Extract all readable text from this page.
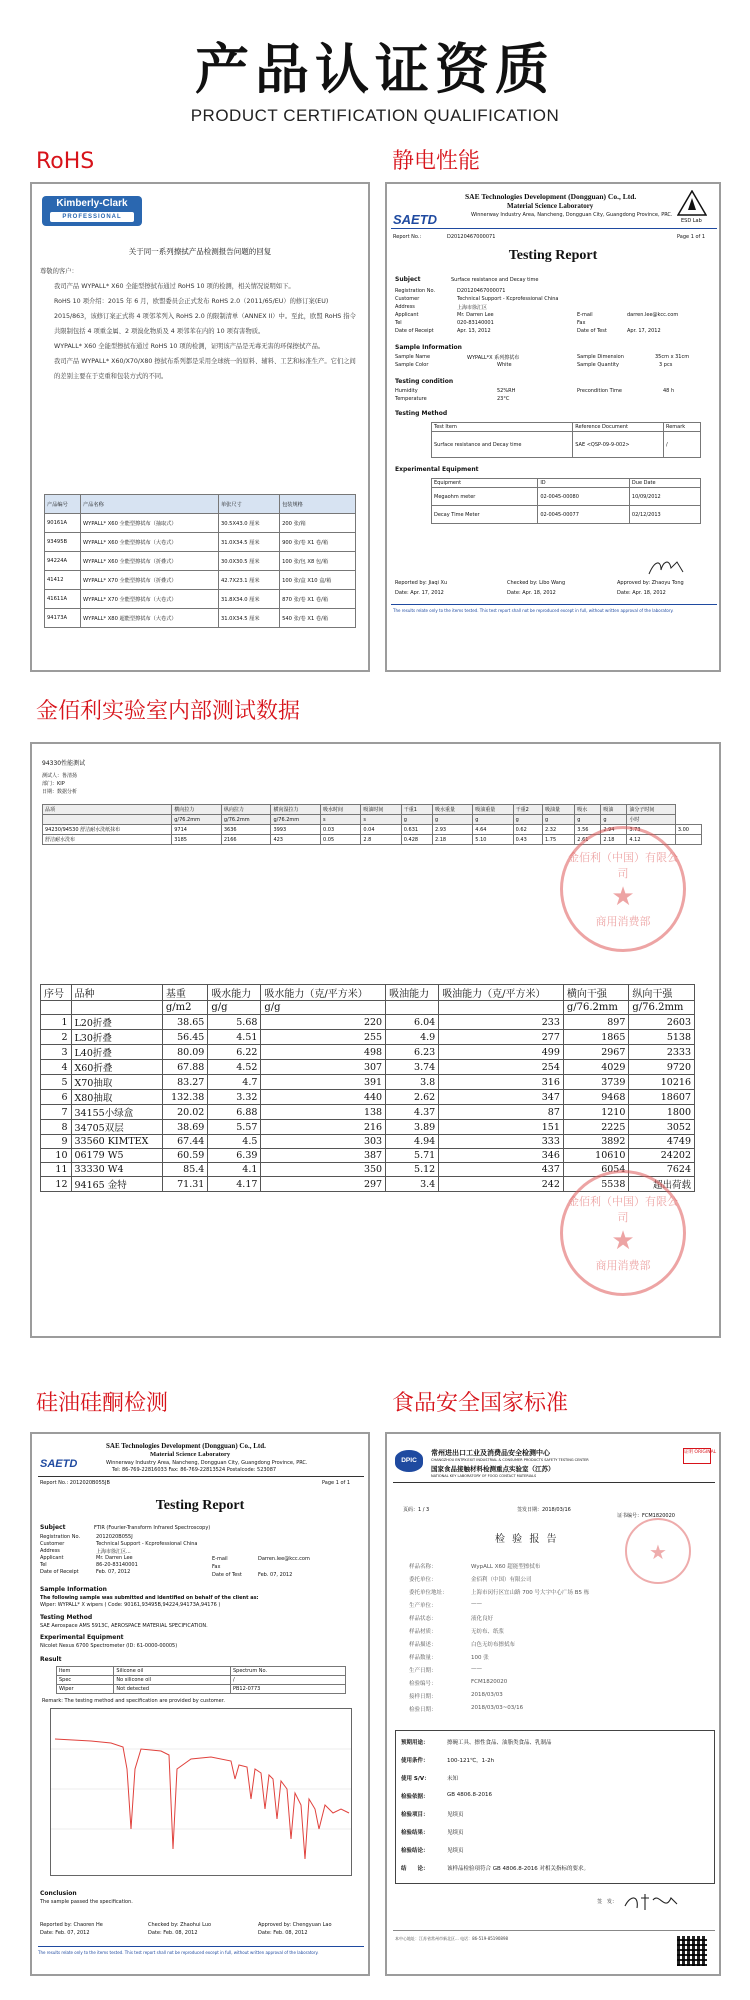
产品认证资质
PRODUCT CERTIFICATION QUALIFICATION
RoHS	静电性能
金佰利实验室内部测试数据
硅油硅酮检测	食品安全国家标准
Kimberly-Clark
PROFESSIONAL
关于同一系列擦拭产品检测报告问题的回复

尊敬的客户：

我司产品 WYPALL* X60 全能型擦拭布通过 RoHS 10 项的检测，相关情况说明如下。

RoHS 10 项介绍：2015 年 6 月，欧盟委员会正式发布 RoHS 2.0（2011/65/EU）的修订案(EU) 2015/863，该修订案正式将 4 项邻苯列入 RoHS 2.0 的限制清单（ANNEX II）中。至此，欧盟 RoHS 指令共限制包括 4 项重金属、2 项溴化物质及 4 项邻苯在内的 10 项有害物质。

WYPALL* X60 全能型擦拭布通过 RoHS 10 项的检测，证明该产品是无毒无害的环保擦拭产品。

我司产品 WYPALL* X60/X70/X80 擦拭布系列都是采用全球统一的原料、辅料、工艺和标准生产。它们之间的差别主要在于克重和包装方式的不同。

产品编号	产品名称	单张尺寸	包装规格
90161A	WYPALL* X60 全能型擦拭布（抽取式）	30.5X43.0 厘米	200 张/箱
93495B	WYPALL* X60 全能型擦拭布（大卷式）	31.0X34.5 厘米	900 张/卷 X1 卷/箱
94224A	WYPALL* X60 全能型擦拭布（折叠式）	30.0X30.5 厘米	100 张/包 X8 包/箱
41412	WYPALL* X70 全能型擦拭布（折叠式）	42.7X23.1 厘米	100 张/盒 X10 盒/箱
41611A	WYPALL* X70 全能型擦拭布（大卷式）	31.8X34.0 厘米	870 张/卷 X1 卷/箱
94173A	WYPALL* X80 超能型擦拭布（大卷式）	31.0X34.5 厘米	540 张/卷 X1 卷/箱
SAETD
SAE Technologies Development (Dongguan) Co., Ltd.
Material Science Laboratory
Winnerway Industry Area, Nancheng, Dongguan City, Guangdong Province, PRC.
ESD Lab
Report No.:	D20120467000071	Page 1 of 1
Testing Report
Subject	Surface resistance and Decay time
Registration No.	D20120467000071
Customer	Technical Support - Kcprofessional China
Address	上海市徐汇区
Applicant	Mr. Darren Lee
Tel	020-83140001
Date of Receipt	Apr. 13, 2012
E-mail	darren.lee@kcc.com
Fax
Date of Test	Apr. 17, 2012
Sample Information
Sample Name	WYPALL*X 系列擦拭布	Sample Dimension	35cm x 31cm
Sample Color	White	Sample Quantity	3 pcs
Testing condition
Humidity	52%RH	Precondition Time	48 h
Temperature	23°C
Testing Method
Test Item	Reference Document	Remark
Surface resistance and Decay time	SAE <QSP-09-9-002>	/
Experimental Equipment
Equipment	ID	Due Date
Megaohm meter	02-0045-00080	10/09/2012
Decay Time Meter	02-0045-00077	02/12/2013
Reported by: Jiaqi Xu	Checked by: Libo Wang	Approved by: Zhaoyu Tong
Date: Apr. 17, 2012	Date: Apr. 18, 2012	Date: Apr. 18, 2012
The results relate only to the items tested. This test report shall not be reproduced except in full, without written approval of the laboratory.
94330性能测试
测试人：鲁清扬
部门：KIP
日期：数据分析
品项	横向拉力	纵向拉力	横向湿拉力	吸水时间	吸油时间	干重1	吸水重量	吸油重量	干重2	吸油量	吸水	吸油	油分子时间	
	g/76.2mm	g/76.2mm	g/76.2mm	s	s	g	g	g	g	g	g	g	小时	
94230/94530 舒洁耐水洗纸抹布	9714	3636	3993	0.03	0.04	0.631	2.93	4.64	0.62	2.32	3.56	2.94	3.73	3.00
舒洁耐水洗布	3185	2166	423	0.05	2.8	0.428	2.18	5.10	0.43	1.75	2.61	2.18	4.12	
金佰利（中国）有限公司
★
商用消费部
序号	品种	基重	吸水能力	吸水能力（克/平方米）	吸油能力	吸油能力（克/平方米）	横向干强	纵向干强
		g/m2	g/g	g/g			g/76.2mm	g/76.2mm
1	L20折叠	38.65	5.68	220	6.04	233	897	2603
2	L30折叠	56.45	4.51	255	4.9	277	1865	5138
3	L40折叠	80.09	6.22	498	6.23	499	2967	2333
4	X60折叠	67.88	4.52	307	3.74	254	4029	9720
5	X70抽取	83.27	4.7	391	3.8	316	3739	10216
6	X80抽取	132.38	3.32	440	2.62	347	9468	18607
7	34155小绿盒	20.02	6.88	138	4.37	87	1210	1800
8	34705双层	38.69	5.57	216	3.89	151	2225	3052
9	33560 KIMTEX	67.44	4.5	303	4.94	333	3892	4749
10	06179 W5	60.59	6.39	387	5.71	346	10610	24202
11	33330 W4	85.4	4.1	350	5.12	437	6054	7624
12	94165 金特	71.31	4.17	297	3.4	242	5538	超出荷载
金佰利（中国）有限公司
★
商用消费部
SAETD
SAE Technologies Development (Dongguan) Co., Ltd.
Material Science Laboratory
Winnerway Industry Area, Nancheng, Dongguan City, Guangdong Province, PRC.
Tel: 86-769-22816033 Fax: 86-769-22813524 Postalcode: 523087
Report No.: 2012020B055JB	Page 1 of 1
Testing Report
Subject	FTIR (Fourier-Transform Infrared Spectroscopy)
Registration No.	2012020B055J
Customer	Technical Support - Kcprofessional China
Address	上海市徐汇区...
Applicant	Mr. Darren Lee
Tel	86-20-83140001
Date of Receipt	Feb. 07, 2012
E-mail	Darren.lee@kcc.com
Fax
Date of Test	Feb. 07, 2012
Sample Information
The following sample was submitted and identified on behalf of the client as:
Wiper: WYPALL* X wipers ( Code: 90161,93495B,94224,94173A,94176 )
Testing Method
SAE Aerospace AMS 5913C, AEROSPACE MATERIAL SPECIFICATION.
Experimental Equipment
Nicolet Nexus 6700 Spectrometer (ID: 61-0000-00005)
Result
Item	Silicone oil	Spectrum No.
Spec	No silicone oil	/
Wiper	Not detected	PB12-0773
Remark: The testing method and specification are provided by customer.
Conclusion
The sample passed the specification.
Reported by: Chaoren He	Checked by: Zhaohui Luo	Approved by: Chengyuan Lao
Date: Feb. 07, 2012	Date: Feb. 08, 2012	Date: Feb. 08, 2012
The results relate only to the items tested. This test report shall not be reproduced except in full, without written approval of the laboratory.
DPIC
常州进出口工业及消费品安全检测中心
CHANGZHOU ENTRY-EXIT INDUSTRIAL & CONSUMER PRODUCTS SAFETY TESTING CENTER
国家食品接触材料检测重点实验室（江苏）
NATIONAL KEY LABORATORY OF FOOD CONTACT MATERIALS
证明 ORIGINAL
页码：1 / 3	签发日期：2018/03/16
证书编号：FCM1820020
检 验 报 告
★
样品名称：	WypALL X60 超能型擦拭布
委托单位：	金佰利（中国）有限公司
委托单位地址：	上海市闵行区宜山路 700 号大宇中心广场 B5 栋
生产单位：	——
样品状态：	液化良好
样品材质：	无纺布、纸浆
样品描述：	白色无纺布擦拭布
样品数量：	100 张
生产日期：	——
检验编号：	FCM1820020
接样日期：	2018/03/03
检验日期：	2018/03/03~03/16
预期用途：	擦碗工具、擦性食品、油脂类食品、乳制品
使用条件：	100-121℃，1-2h
使用 S/V：	未知
检验依据：	GB 4806.8-2016
检验项目：	见续页
检验结果：	见续页
检验结论：	见续页
结　　论：	该样品检验项符合 GB 4806.8-2016 对相关指标的要求。
签　发：
本中心地址：江苏省常州市新北区... 电话：86-519-85190898
